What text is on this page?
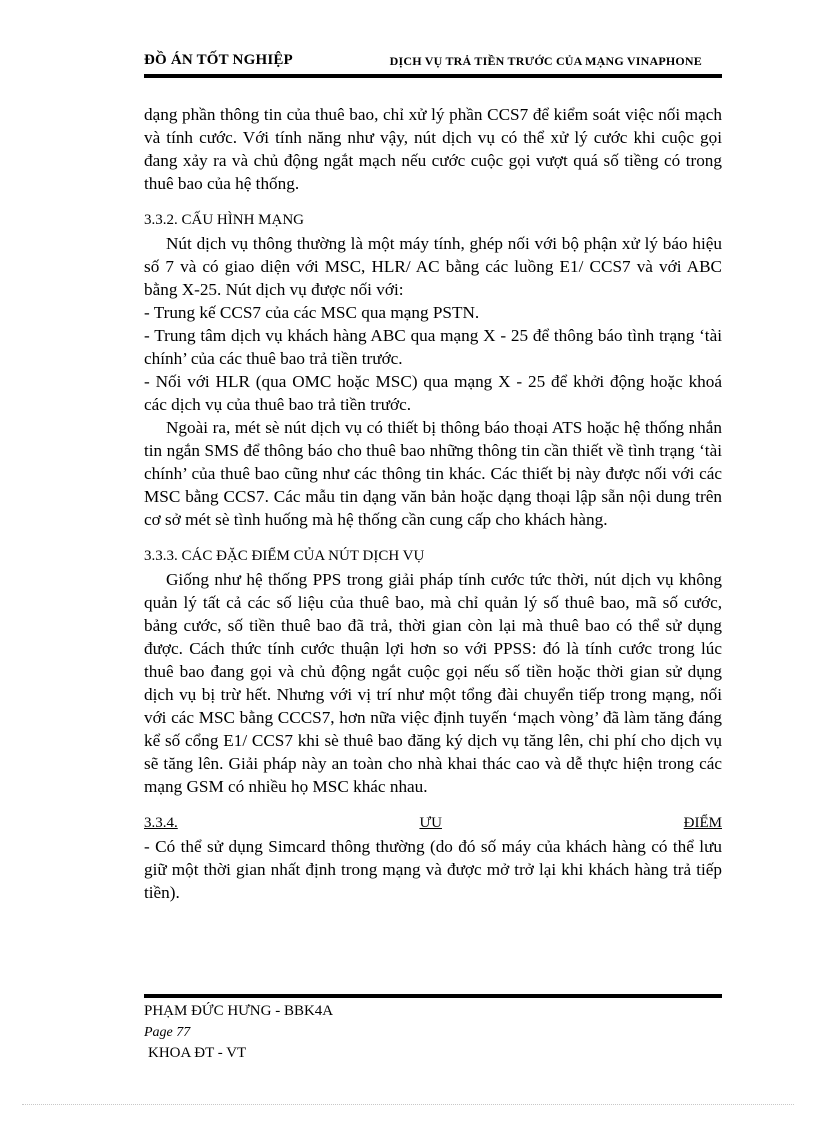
ĐỒ ÁN TỐT NGHIỆP	DỊCH VỤ TRẢ TIỀN TRƯỚC CỦA MẠNG VINAPHONE

dạng phần thông tin của thuê bao, chỉ xử lý phần CCS7 để kiểm soát việc nối mạch và tính cước. Với tính năng như vậy, nút dịch vụ có thể xử lý cước khi cuộc gọi đang xảy ra và chủ động ngắt mạch nếu cước cuộc gọi vượt quá số tiềng có trong thuê bao của hệ thống.

3.3.2. CẤU HÌNH MẠNG

Nút dịch vụ thông thường là một máy tính, ghép nối với bộ phận xử lý báo hiệu số 7 và có giao diện với MSC, HLR/ AC bằng các luồng E1/ CCS7 và với ABC bằng X-25. Nút dịch vụ được nối với:

- Trung kế CCS7 của các MSC qua mạng PSTN.

- Trung tâm dịch vụ khách hàng ABC qua mạng X - 25 để thông báo tình trạng ‘tài chính’ của các thuê bao trả tiền trước.

- Nối với HLR (qua OMC hoặc MSC) qua mạng X - 25 để khởi động hoặc khoá các dịch vụ của thuê bao trả tiền trước.

Ngoài ra, mét sè nút dịch vụ có thiết bị thông báo thoại ATS hoặc hệ thống nhắn tin ngắn SMS để thông báo cho thuê bao những thông tin cần thiết về tình trạng ‘tài chính’ của thuê bao cũng như các thông tin khác. Các thiết bị này được nối với các MSC bằng CCS7. Các mẫu tin dạng văn bản hoặc dạng thoại lập sẵn nội dung trên cơ sở mét sè tình huống mà hệ thống cần cung cấp cho khách hàng.

3.3.3. CÁC ĐẶC ĐIỂM CỦA NÚT DỊCH VỤ

Giống như hệ thống PPS trong giải pháp tính cước tức thời, nút dịch vụ không quản lý tất cả các số liệu của thuê bao, mà chỉ quản lý số thuê bao, mã số cước, bảng cước, số tiền thuê bao đã trả, thời gian còn lại mà thuê bao có thể sử dụng được. Cách thức tính cước thuận lợi hơn so với PPSS: đó là tính cước trong lúc thuê bao đang gọi và chủ động ngắt cuộc gọi nếu số tiền hoặc thời gian sử dụng dịch vụ bị trừ hết. Nhưng với vị trí như một tổng đài chuyển tiếp trong mạng, nối với các MSC bằng CCCS7, hơn nữa việc định tuyến ‘mạch vòng’ đã làm tăng đáng kể số cổng E1/ CCS7 khi sè thuê bao đăng ký dịch vụ tăng lên, chi phí cho dịch vụ sẽ tăng lên. Giải pháp này an toàn cho nhà khai thác cao và dễ thực hiện trong các mạng GSM có nhiều họ MSC khác nhau.

3.3.4.	ƯU	ĐIỂM

- Có thể sử dụng Simcard thông thường (do đó số máy của khách hàng có thể lưu giữ một thời gian nhất định trong mạng và được mở trở lại khi khách hàng trả tiếp tiền).

PHẠM ĐỨC HƯNG - BBK4A
Page 77
KHOA ĐT - VT
